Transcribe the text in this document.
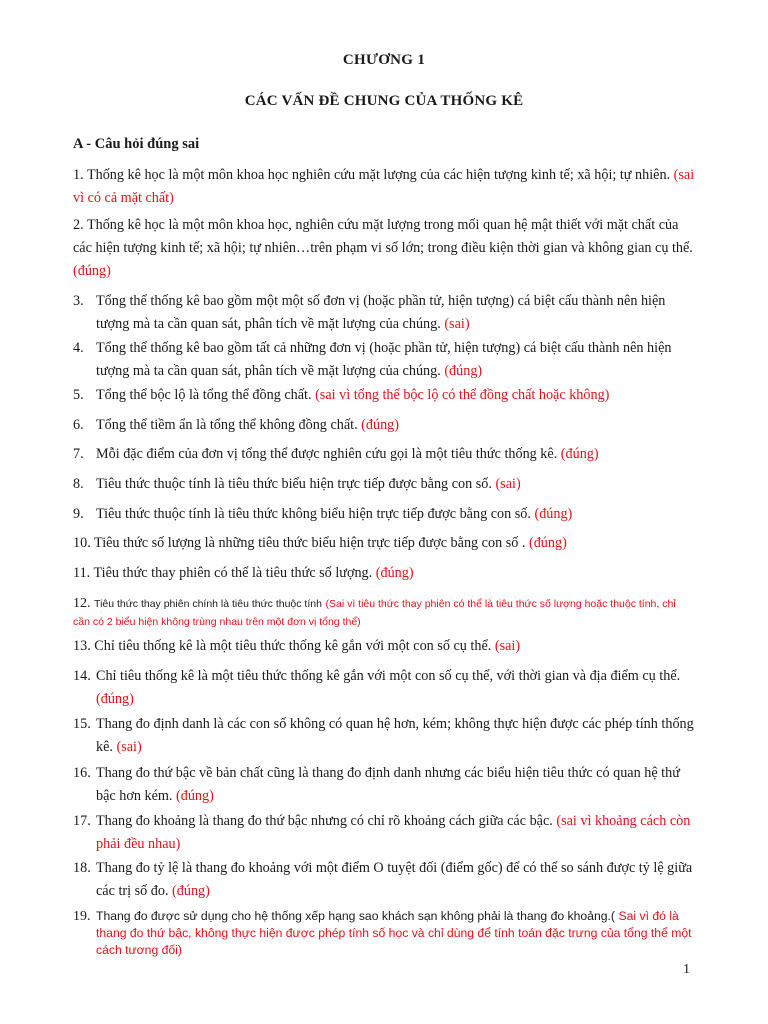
CHƯƠNG 1
CÁC VẤN ĐỀ CHUNG CỦA THỐNG KÊ
A - Câu hỏi đúng sai
1. Thống kê học là một môn khoa học nghiên cứu mặt lượng của các hiện tượng kinh tế; xã hội; tự nhiên. (sai vì có cả mặt chất)
2. Thống kê học là một môn khoa học, nghiên cứu mặt lượng trong mối quan hệ mật thiết với mặt chất của các hiện tượng kinh tế; xã hội; tự nhiên…trên phạm vi số lớn; trong điều kiện thời gian và không gian cụ thể. (đúng)
3. Tổng thể thống kê bao gồm một một số đơn vị (hoặc phần tử, hiện tượng) cá biệt cấu thành nên hiện tượng mà ta cần quan sát, phân tích về mặt lượng của chúng. (sai)
4. Tổng thể thống kê bao gồm tất cả những đơn vị (hoặc phần tử, hiện tượng) cá biệt cấu thành nên hiện tượng mà ta cần quan sát, phân tích về mặt lượng của chúng. (đúng)
5. Tổng thể bộc lộ là tổng thể đồng chất. (sai vì tổng thể bộc lộ có thể đồng chất hoặc không)
6. Tổng thể tiềm ẩn là tổng thể không đồng chất. (đúng)
7. Mỗi đặc điểm của đơn vị tổng thể được nghiên cứu gọi là một tiêu thức thống kê. (đúng)
8. Tiêu thức thuộc tính là tiêu thức biểu hiện trực tiếp được bằng con số. (sai)
9. Tiêu thức thuộc tính là tiêu thức không biểu hiện trực tiếp được bằng con số. (đúng)
10. Tiêu thức số lượng là những tiêu thức biểu hiện trực tiếp được bằng con số . (đúng)
11. Tiêu thức thay phiên có thể là tiêu thức số lượng. (đúng)
12. Tiêu thức thay phiên chính là tiêu thức thuộc tính (Sai vì tiêu thức thay phiên có thể là tiêu thức số lượng hoặc thuộc tính, chỉ cần có 2 biểu hiện không trùng nhau trên một đơn vị tổng thể)
13. Chỉ tiêu thống kê là một tiêu thức thống kê gắn với một con số cụ thể. (sai)
14. Chỉ tiêu thống kê là một tiêu thức thống kê gắn với một con số cụ thể, với thời gian và địa điểm cụ thể. (đúng)
15. Thang đo định danh là các con số không có quan hệ hơn, kém; không thực hiện được các phép tính thống kê. (sai)
16. Thang đo thứ bậc về bản chất cũng là thang đo định danh nhưng các biểu hiện tiêu thức có quan hệ thứ bậc hơn kém. (đúng)
17. Thang đo khoảng là thang đo thứ bậc nhưng có chỉ rõ khoảng cách giữa các bậc. (sai vì khoảng cách còn phải đều nhau)
18. Thang đo tỷ lệ là thang đo khoảng với một điểm O tuyệt đối (điểm gốc) để có thể so sánh được tỷ lệ giữa các trị số đo. (đúng)
19. Thang đo được sử dụng cho hệ thống xếp hạng sao khách sạn không phải là thang đo khoảng.( Sai vì đó là thang đo thứ bậc, không thực hiện được phép tính số học và chỉ dùng để tính toán đặc trưng của tổng thể một cách tương đối)
1
